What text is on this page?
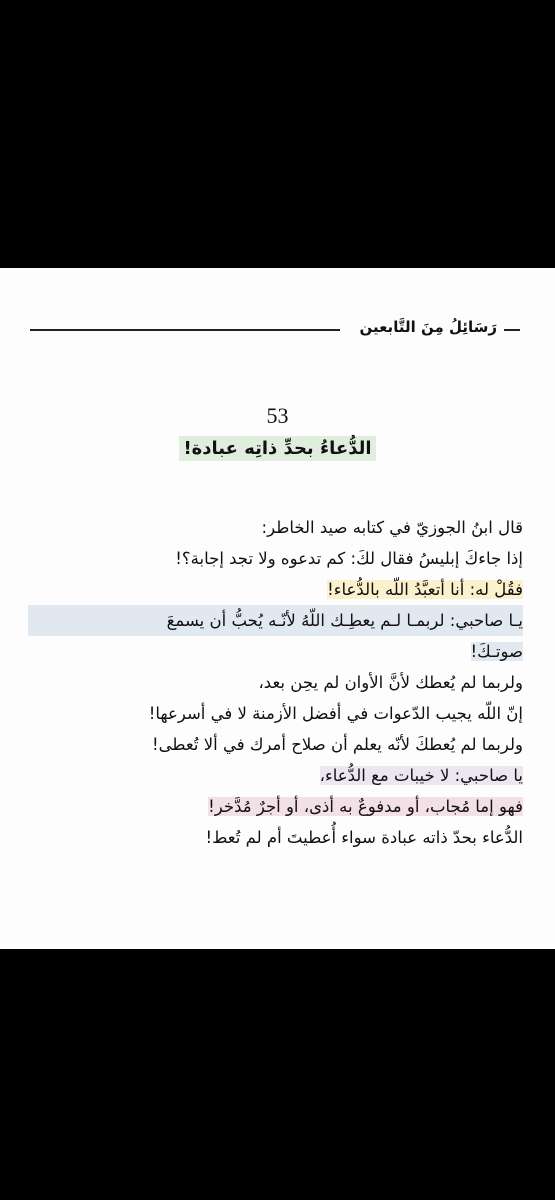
رَسَائِلُ مِنَ التَّابعين
53
الدُّعاءُ بحدِّ ذاتِه عبادة!
قال ابنُ الجوزيّ في كتابه صيد الخاطر:
إذا جاءكَ إبليسُ فقال لكَ: كم تدعوه ولا تجد إجابة؟!
فقُلْ له: أنا أتعبَّدُ اللّه بالدُّعاء!
يـا صاحبي: لربمـا لـم يعطِـك اللّهُ لأنّـه يُحبُّ أن يسمعَ
صوتـكَ!
ولربما لم يُعطك لأنَّ الأوان لم يحِن بعد،
إنّ اللّه يجيب الدّعوات في أفضل الأزمنة لا في أسرعها!
ولربما لم يُعطكَ لأنّه يعلم أن صلاح أمرك في ألا تُعطى!
يا صاحبي: لا خيبات مع الدُّعاء،
فهو إما مُجاب، أو مدفوعٌ به أذى، أو أجرٌ مُدَّخر!
الدُّعاء بحدّ ذاته عبادة سواء أُعطيتَ أم لم تُعط!
